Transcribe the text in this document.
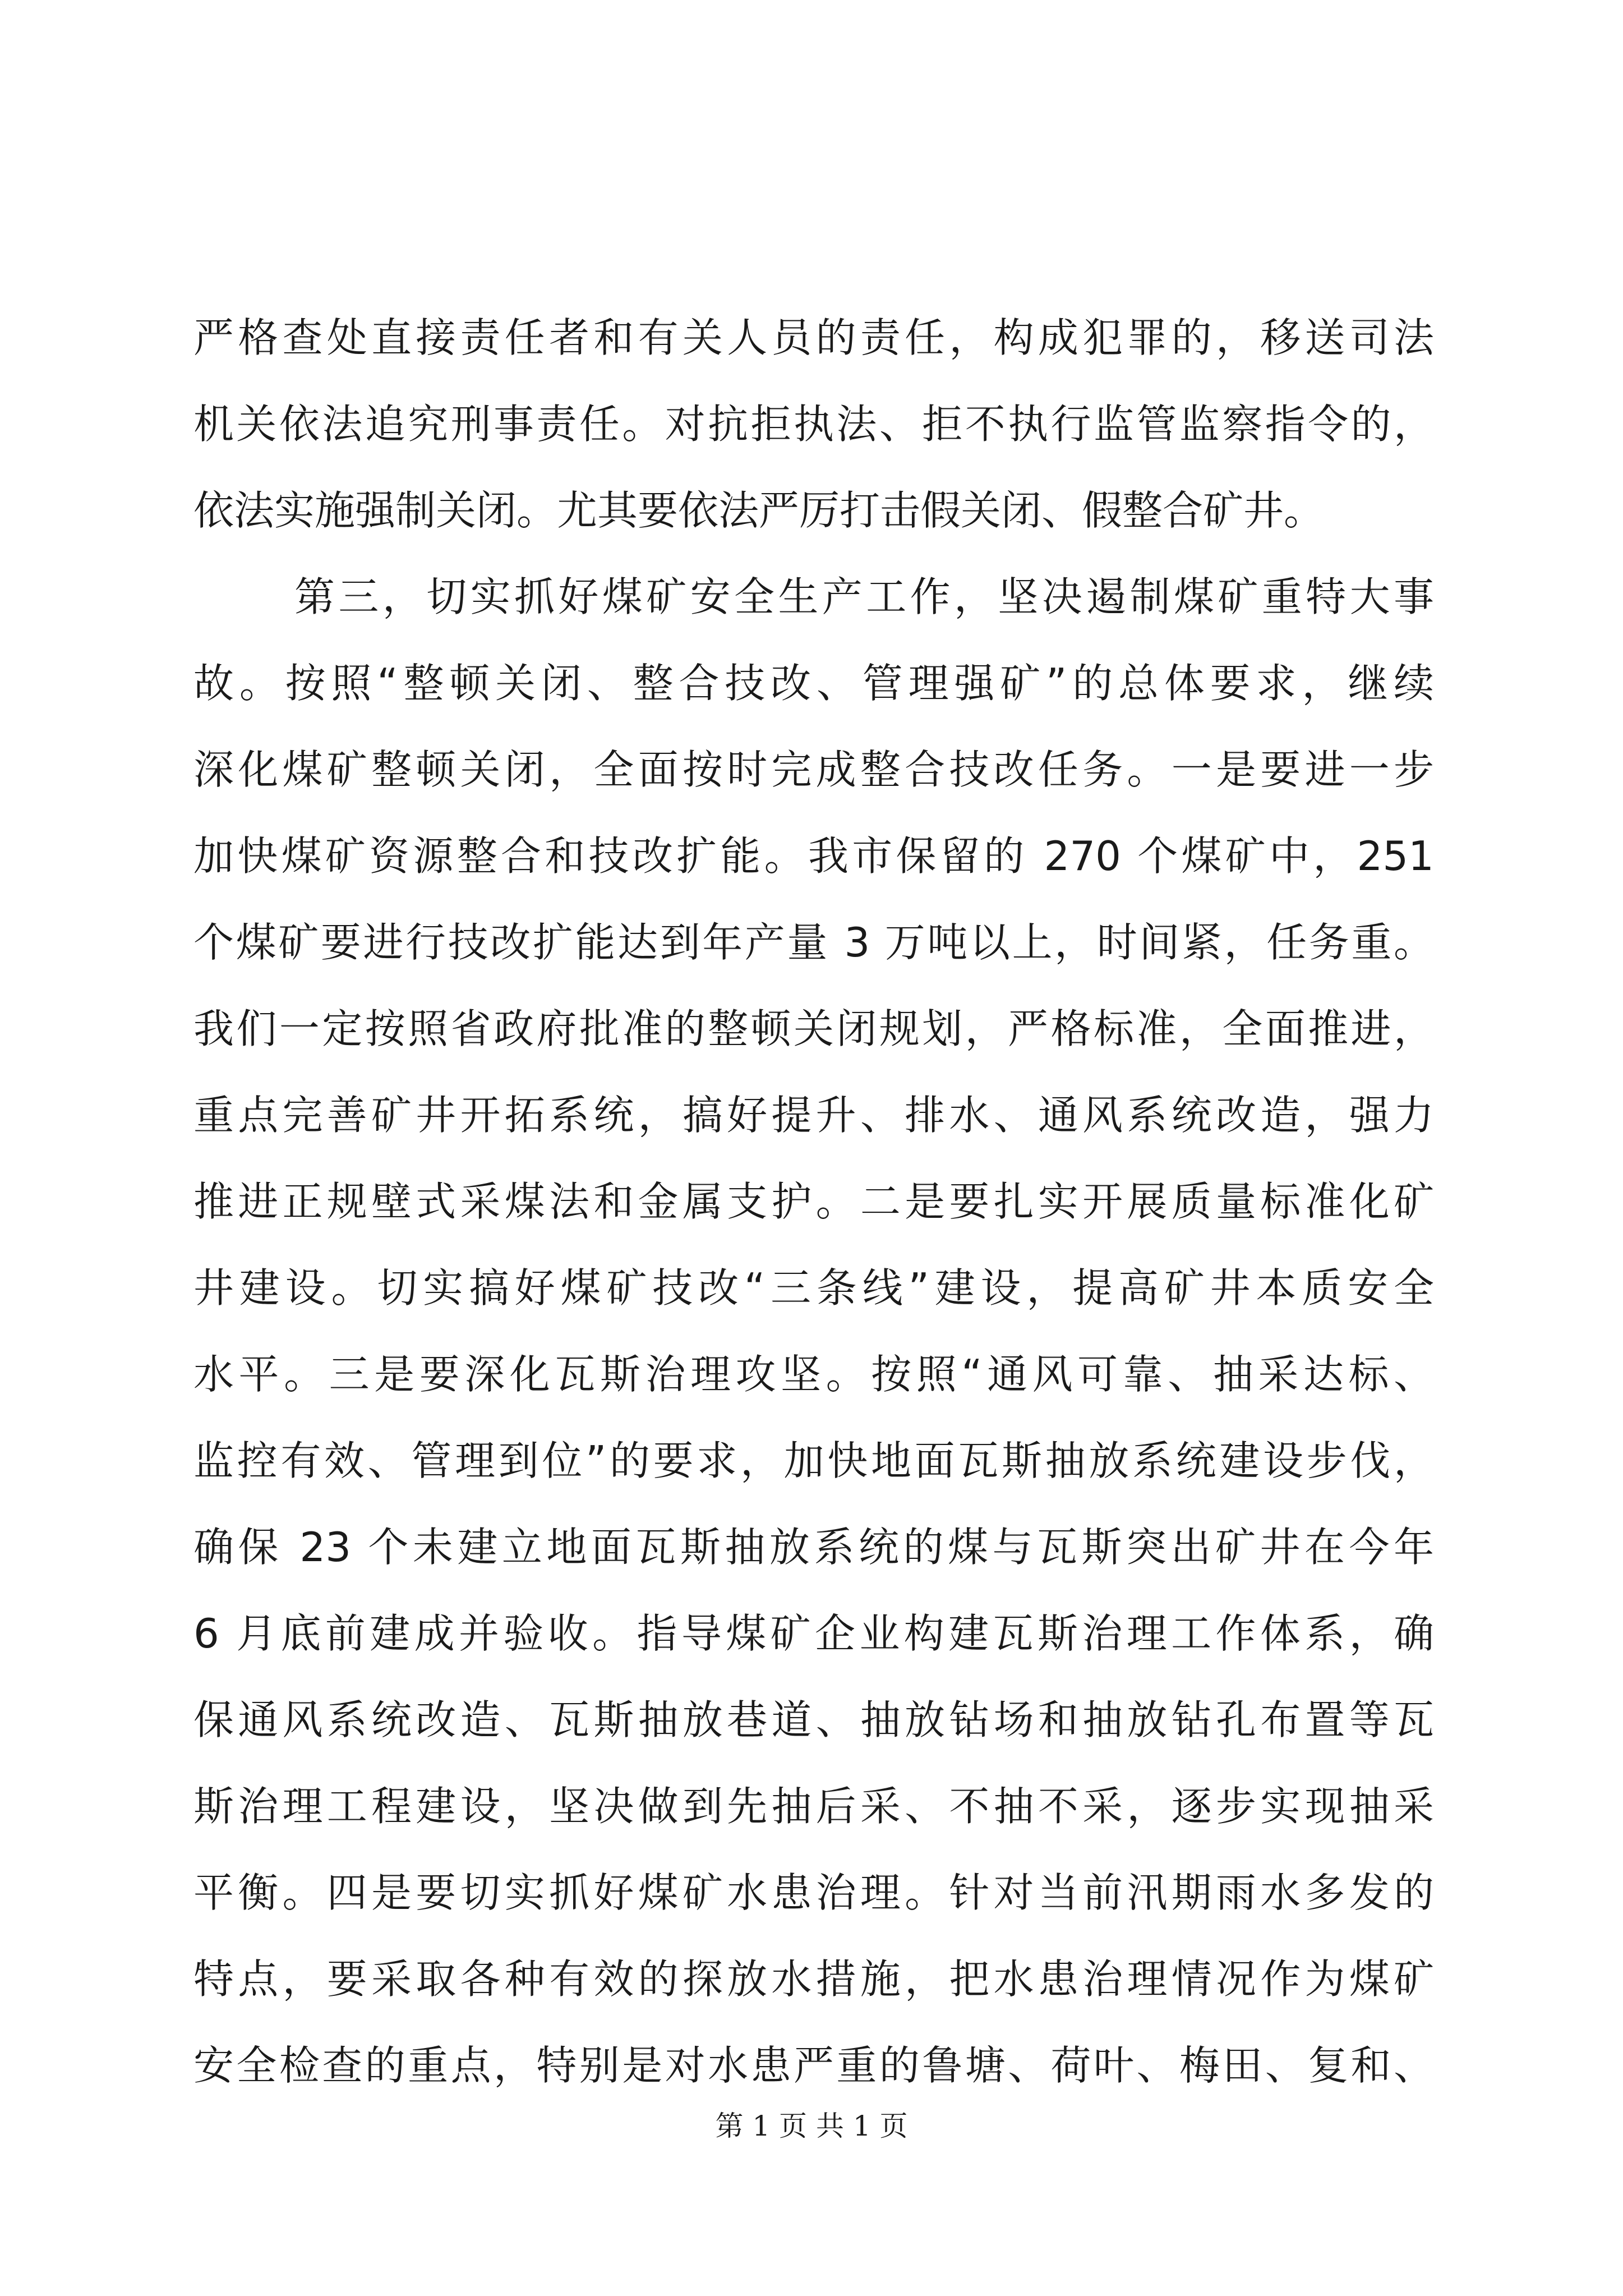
严格查处直接责任者和有关人员的责任，构成犯罪的，移送司法
机关依法追究刑事责任。对抗拒执法、拒不执行监管监察指令的，
依法实施强制关闭。尤其要依法严厉打击假关闭、假整合矿井。
第三，切实抓好煤矿安全生产工作，坚决遏制煤矿重特大事
故。按照“整顿关闭、整合技改、管理强矿”的总体要求，继续
深化煤矿整顿关闭，全面按时完成整合技改任务。一是要进一步
加快煤矿资源整合和技改扩能。我市保留的 270 个煤矿中，251
个煤矿要进行技改扩能达到年产量 3 万吨以上，时间紧，任务重。
我们一定按照省政府批准的整顿关闭规划，严格标准，全面推进，
重点完善矿井开拓系统，搞好提升、排水、通风系统改造，强力
推进正规壁式采煤法和金属支护。二是要扎实开展质量标准化矿
井建设。切实搞好煤矿技改“三条线”建设，提高矿井本质安全
水平。三是要深化瓦斯治理攻坚。按照“通风可靠、抽采达标、
监控有效、管理到位”的要求，加快地面瓦斯抽放系统建设步伐，
确保 23 个未建立地面瓦斯抽放系统的煤与瓦斯突出矿井在今年
6 月底前建成并验收。指导煤矿企业构建瓦斯治理工作体系，确
保通风系统改造、瓦斯抽放巷道、抽放钻场和抽放钻孔布置等瓦
斯治理工程建设，坚决做到先抽后采、不抽不采，逐步实现抽采
平衡。四是要切实抓好煤矿水患治理。针对当前汛期雨水多发的
特点，要采取各种有效的探放水措施，把水患治理情况作为煤矿
安全检查的重点，特别是对水患严重的鲁塘、荷叶、梅田、复和、
第 1 页 共 1 页
